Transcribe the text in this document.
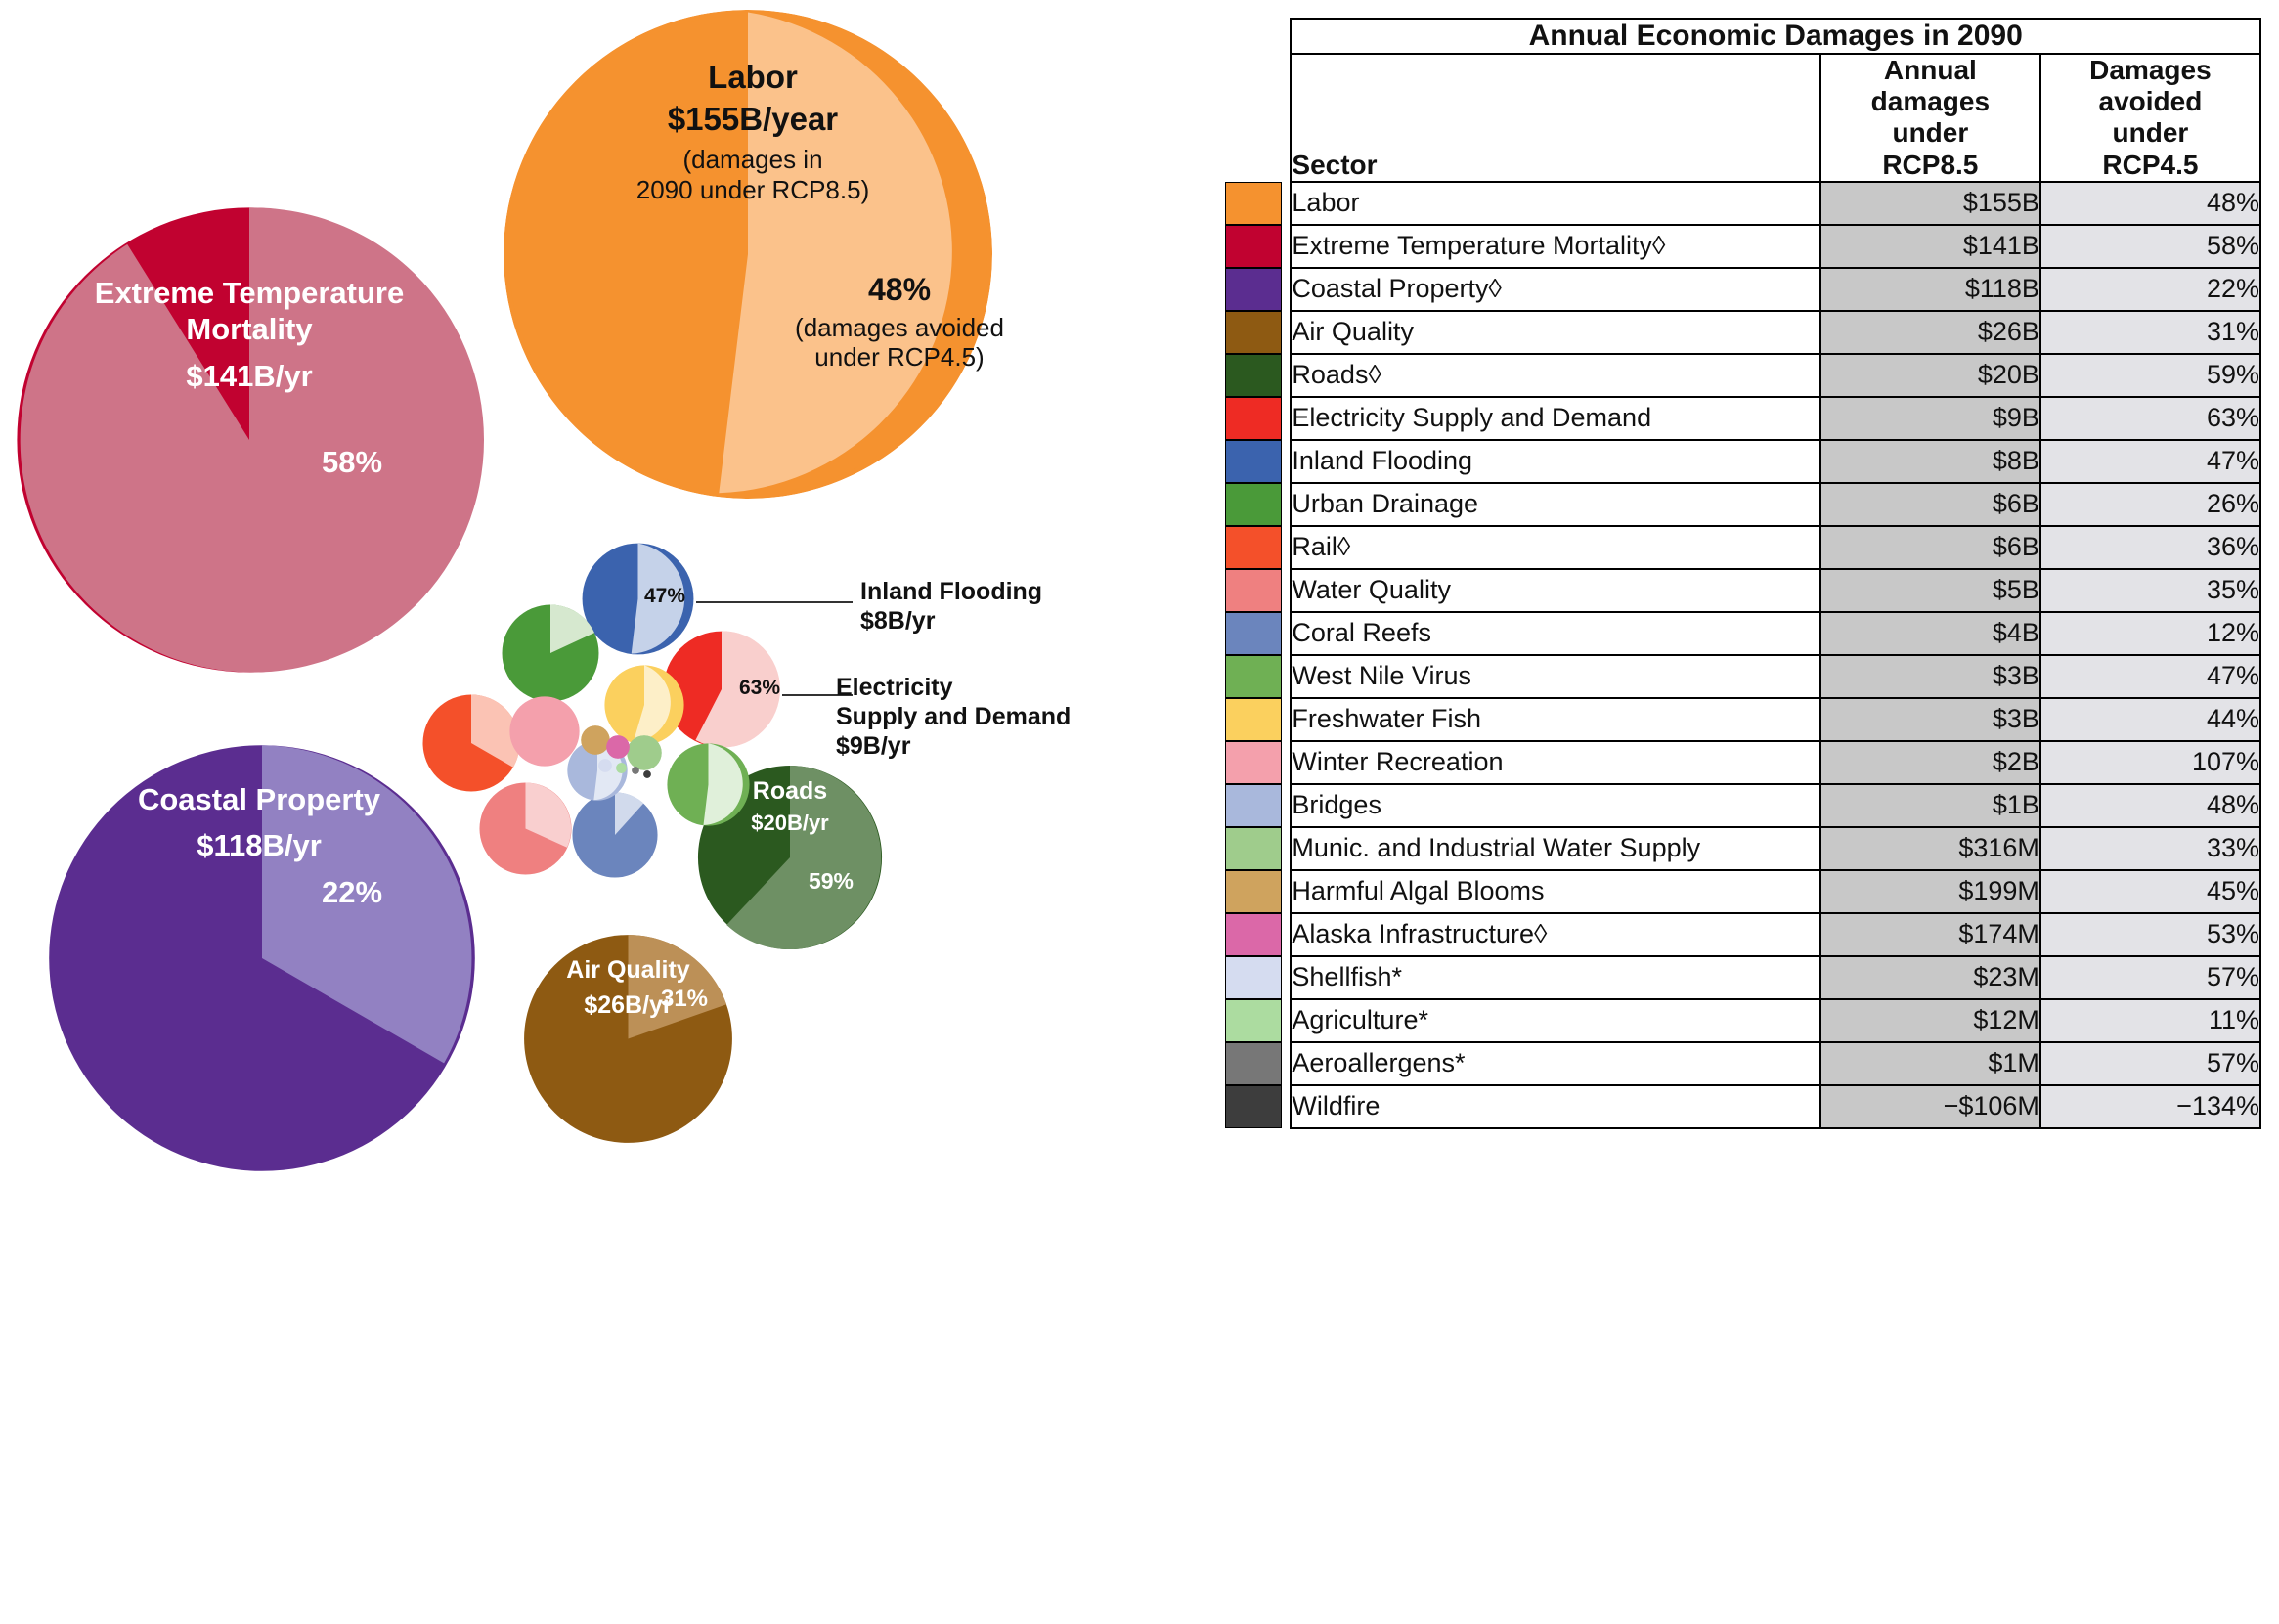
Labor
$155B/year
(damages in
2090 under RCP8.5)
48%
(damages avoided
under RCP4.5)
Extreme Temperature
Mortality
$141B/yr
58%
Coastal Property
$118B/yr
22%
Air Quality
$26B/yr
31%
Roads
$20B/yr
59%
47%	Inland Flooding
$8B/yr
63%	Electricity
Supply and Demand
$9B/yr
	Annual Economic Damages in 2090		
	Sector	Annual damages under RCP8.5	Damages avoided under RCP4.5

	Labor	$155B	48%

	Extreme Temperature Mortality◊	$141B	58%

	Coastal Property◊	$118B	22%

	Air Quality	$26B	31%

	Roads◊	$20B	59%

	Electricity Supply and Demand	$9B	63%

	Inland Flooding	$8B	47%

	Urban Drainage	$6B	26%

	Rail◊	$6B	36%

	Water Quality	$5B	35%

	Coral Reefs	$4B	12%

	West Nile Virus	$3B	47%

	Freshwater Fish	$3B	44%

	Winter Recreation	$2B	107%

	Bridges	$1B	48%

	Munic. and Industrial Water Supply	$316M	33%

	Harmful Algal Blooms	$199M	45%

	Alaska Infrastructure◊	$174M	53%

	Shellfish*	$23M	57%

	Agriculture*	$12M	11%

	Aeroallergens*	$1M	57%

	Wildfire	−$106M	−134%
